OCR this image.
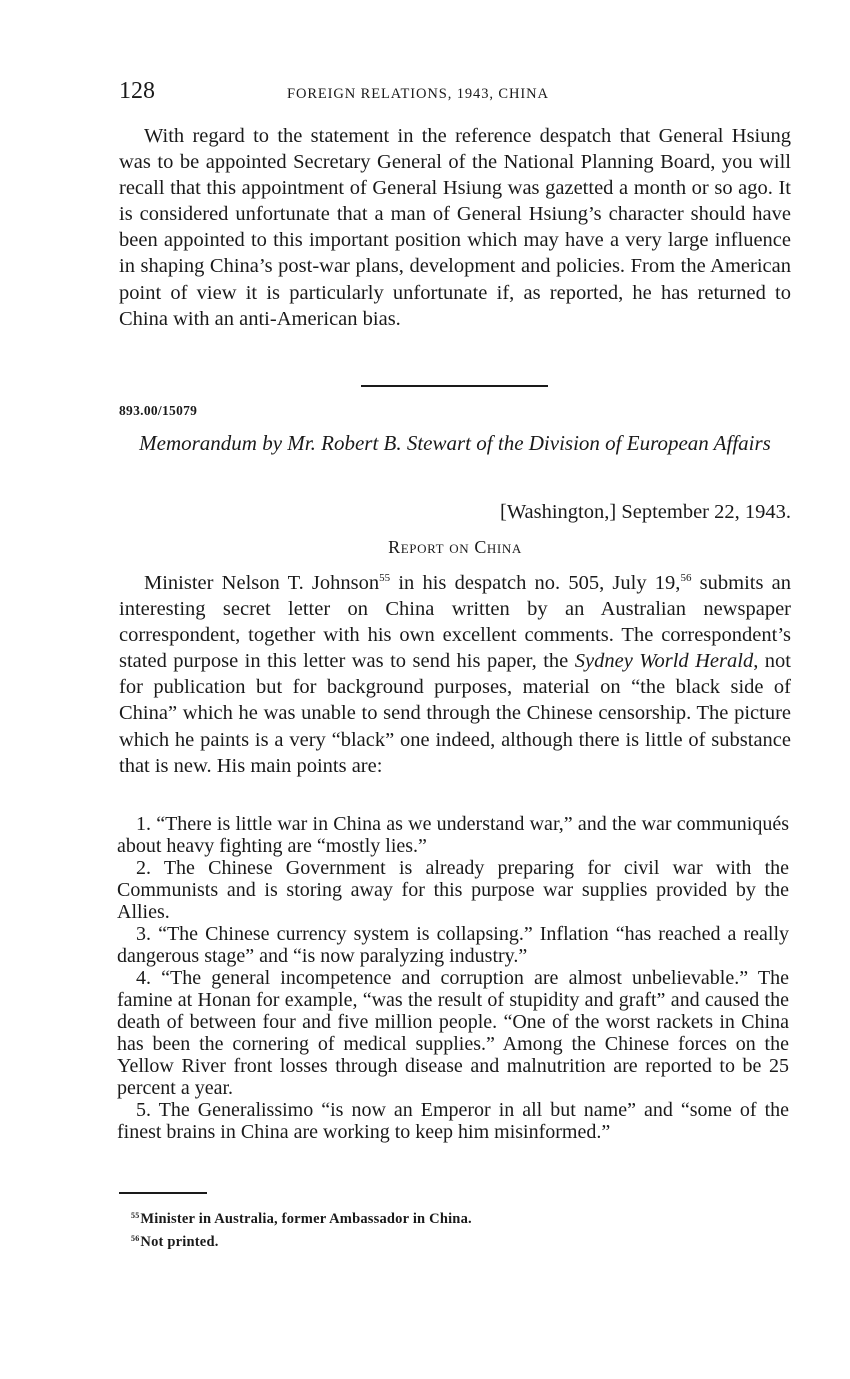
128	FOREIGN RELATIONS, 1943, CHINA

With regard to the statement in the reference despatch that General Hsiung was to be appointed Secretary General of the National Planning Board, you will recall that this appointment of General Hsiung was gazetted a month or so ago. It is considered unfortunate that a man of General Hsiung’s character should have been appointed to this important position which may have a very large influence in shaping China’s post-war plans, development and policies. From the American point of view it is particularly unfortunate if, as reported, he has returned to China with an anti-American bias.

893.00/15079
Memorandum by Mr. Robert B. Stewart of the Division of European Affairs
[Washington,] September 22, 1943.
Report on China

Minister Nelson T. Johnson$^{55}$ in his despatch no. 505, July 19,56 submits an interesting secret letter on China written by an Australian newspaper correspondent, together with his own excellent comments. The correspondent’s stated purpose in this letter was to send his paper, the Sydney World Herald, not for publication but for background purposes, material on “the black side of China” which he was unable to send through the Chinese censorship. The picture which he paints is a very “black” one indeed, although there is little of substance that is new. His main points are:

1. “There is little war in China as we understand war,” and the war communiqués about heavy fighting are “mostly lies.”

2. The Chinese Government is already preparing for civil war with the Communists and is storing away for this purpose war supplies provided by the Allies.

3. “The Chinese currency system is collapsing.” Inflation “has reached a really dangerous stage” and “is now paralyzing industry.”

4. “The general incompetence and corruption are almost unbelievable.” The famine at Honan for example, “was the result of stupidity and graft” and caused the death of between four and five million people. “One of the worst rackets in China has been the cornering of medical supplies.” Among the Chinese forces on the Yellow River front losses through disease and malnutrition are reported to be 25 percent a year.

5. The Generalissimo “is now an Emperor in all but name” and “some of the finest brains in China are working to keep him misinformed.”

$^{55}$Minister in Australia, former Ambassador in China.

$^{56}$Not printed.
